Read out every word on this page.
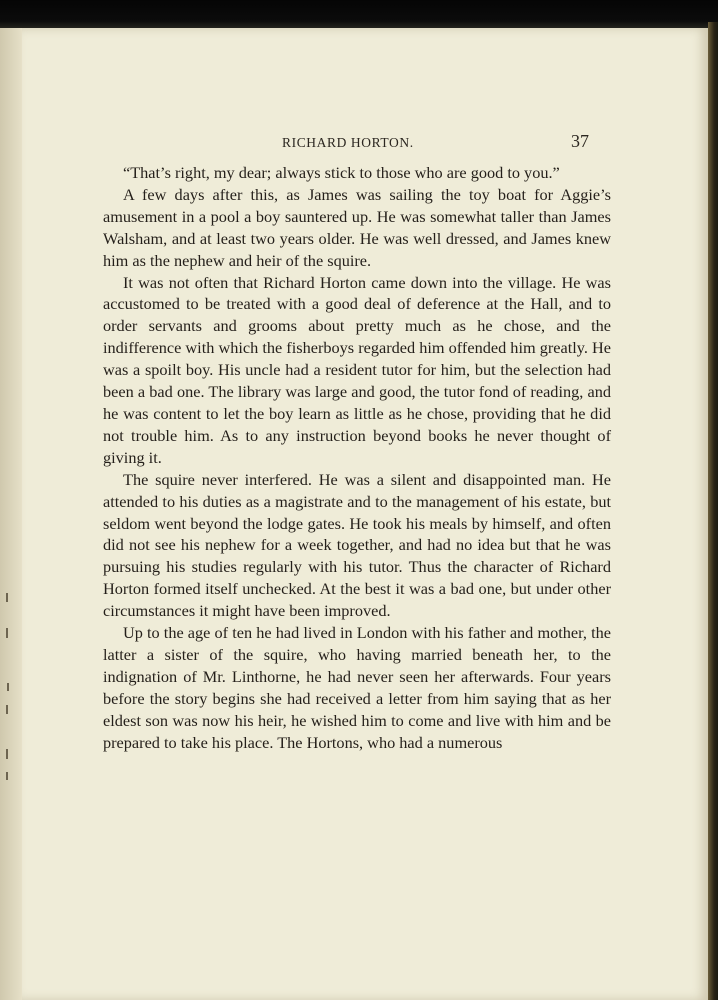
RICHARD HORTON.	37

“That’s right, my dear; always stick to those who are good to you.”

A few days after this, as James was sailing the toy boat for Aggie’s amusement in a pool a boy sauntered up. He was somewhat taller than James Walsham, and at least two years older. He was well dressed, and James knew him as the nephew and heir of the squire.

It was not often that Richard Horton came down into the village. He was accustomed to be treated with a good deal of deference at the Hall, and to order servants and grooms about pretty much as he chose, and the indifference with which the fisherboys regarded him offended him greatly. He was a spoilt boy. His uncle had a resident tutor for him, but the selection had been a bad one. The library was large and good, the tutor fond of reading, and he was content to let the boy learn as little as he chose, providing that he did not trouble him. As to any instruction beyond books he never thought of giving it.

The squire never interfered. He was a silent and disappointed man. He attended to his duties as a magistrate and to the management of his estate, but seldom went beyond the lodge gates. He took his meals by himself, and often did not see his nephew for a week together, and had no idea but that he was pursuing his studies regularly with his tutor. Thus the character of Richard Horton formed itself unchecked. At the best it was a bad one, but under other circumstances it might have been improved.

Up to the age of ten he had lived in London with his father and mother, the latter a sister of the squire, who having married beneath her, to the indignation of Mr. Linthorne, he had never seen her afterwards. Four years before the story begins she had received a letter from him saying that as her eldest son was now his heir, he wished him to come and live with him and be prepared to take his place. The Hortons, who had a numerous
